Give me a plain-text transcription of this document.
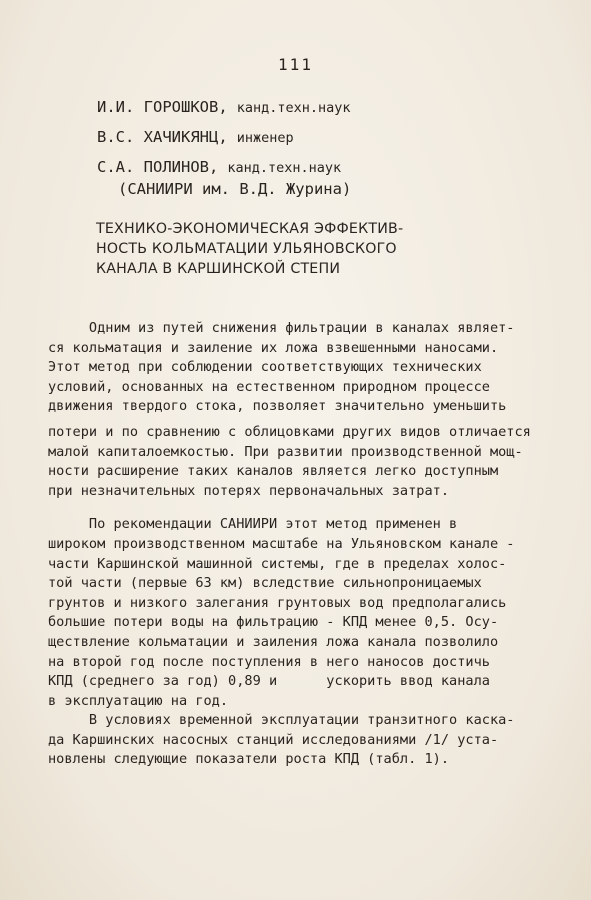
111
И.И. ГОРОШКОВ, канд.техн.наук
В.С. ХАЧИКЯНЦ, инженер
С.А. ПОЛИНОВ, канд.техн.наук
(САНИИРИ им. В.Д. Журина)
ТЕХНИКО-ЭКОНОМИЧЕСКАЯ ЭФФЕКТИВ-
НОСТЬ КОЛЬМАТАЦИИ УЛЬЯНОВСКОГО
КАНАЛА В КАРШИНСКОЙ СТЕПИ
Одним из путей снижения фильтрации в каналах являет-
ся кольматация и заиление их ложа взвешенными наносами.
Этот метод при соблюдении соответствующих технических
условий, основанных на естественном природном процессе
движения твердого стока, позволяет значительно уменьшить
потери и по сравнению с облицовками других видов отличается
малой капиталоемкостью. При развитии производственной мощ-
ности расширение таких каналов является легко доступным
при незначительных потерях первоначальных затрат.
По рекомендации САНИИРИ этот метод применен в
широком производственном масштабе на Ульяновском канале -
части Каршинской машинной системы, где в пределах холос-
той части (первые 63 км) вследствие сильнопроницаемых
грунтов и низкого залегания грунтовых вод предполагались
большие потери воды на фильтрацию - КПД менее 0,5. Осу-
ществление кольматации и заиления ложа канала позволило
на второй год после поступления в него наносов достичь
КПД (среднего за год) 0,89 и      ускорить ввод канала
в эксплуатацию на год.
В условиях временной эксплуатации транзитного каска-
да Каршинских насосных станций исследованиями /1/ уста-
новлены следующие показатели роста КПД (табл. 1).
